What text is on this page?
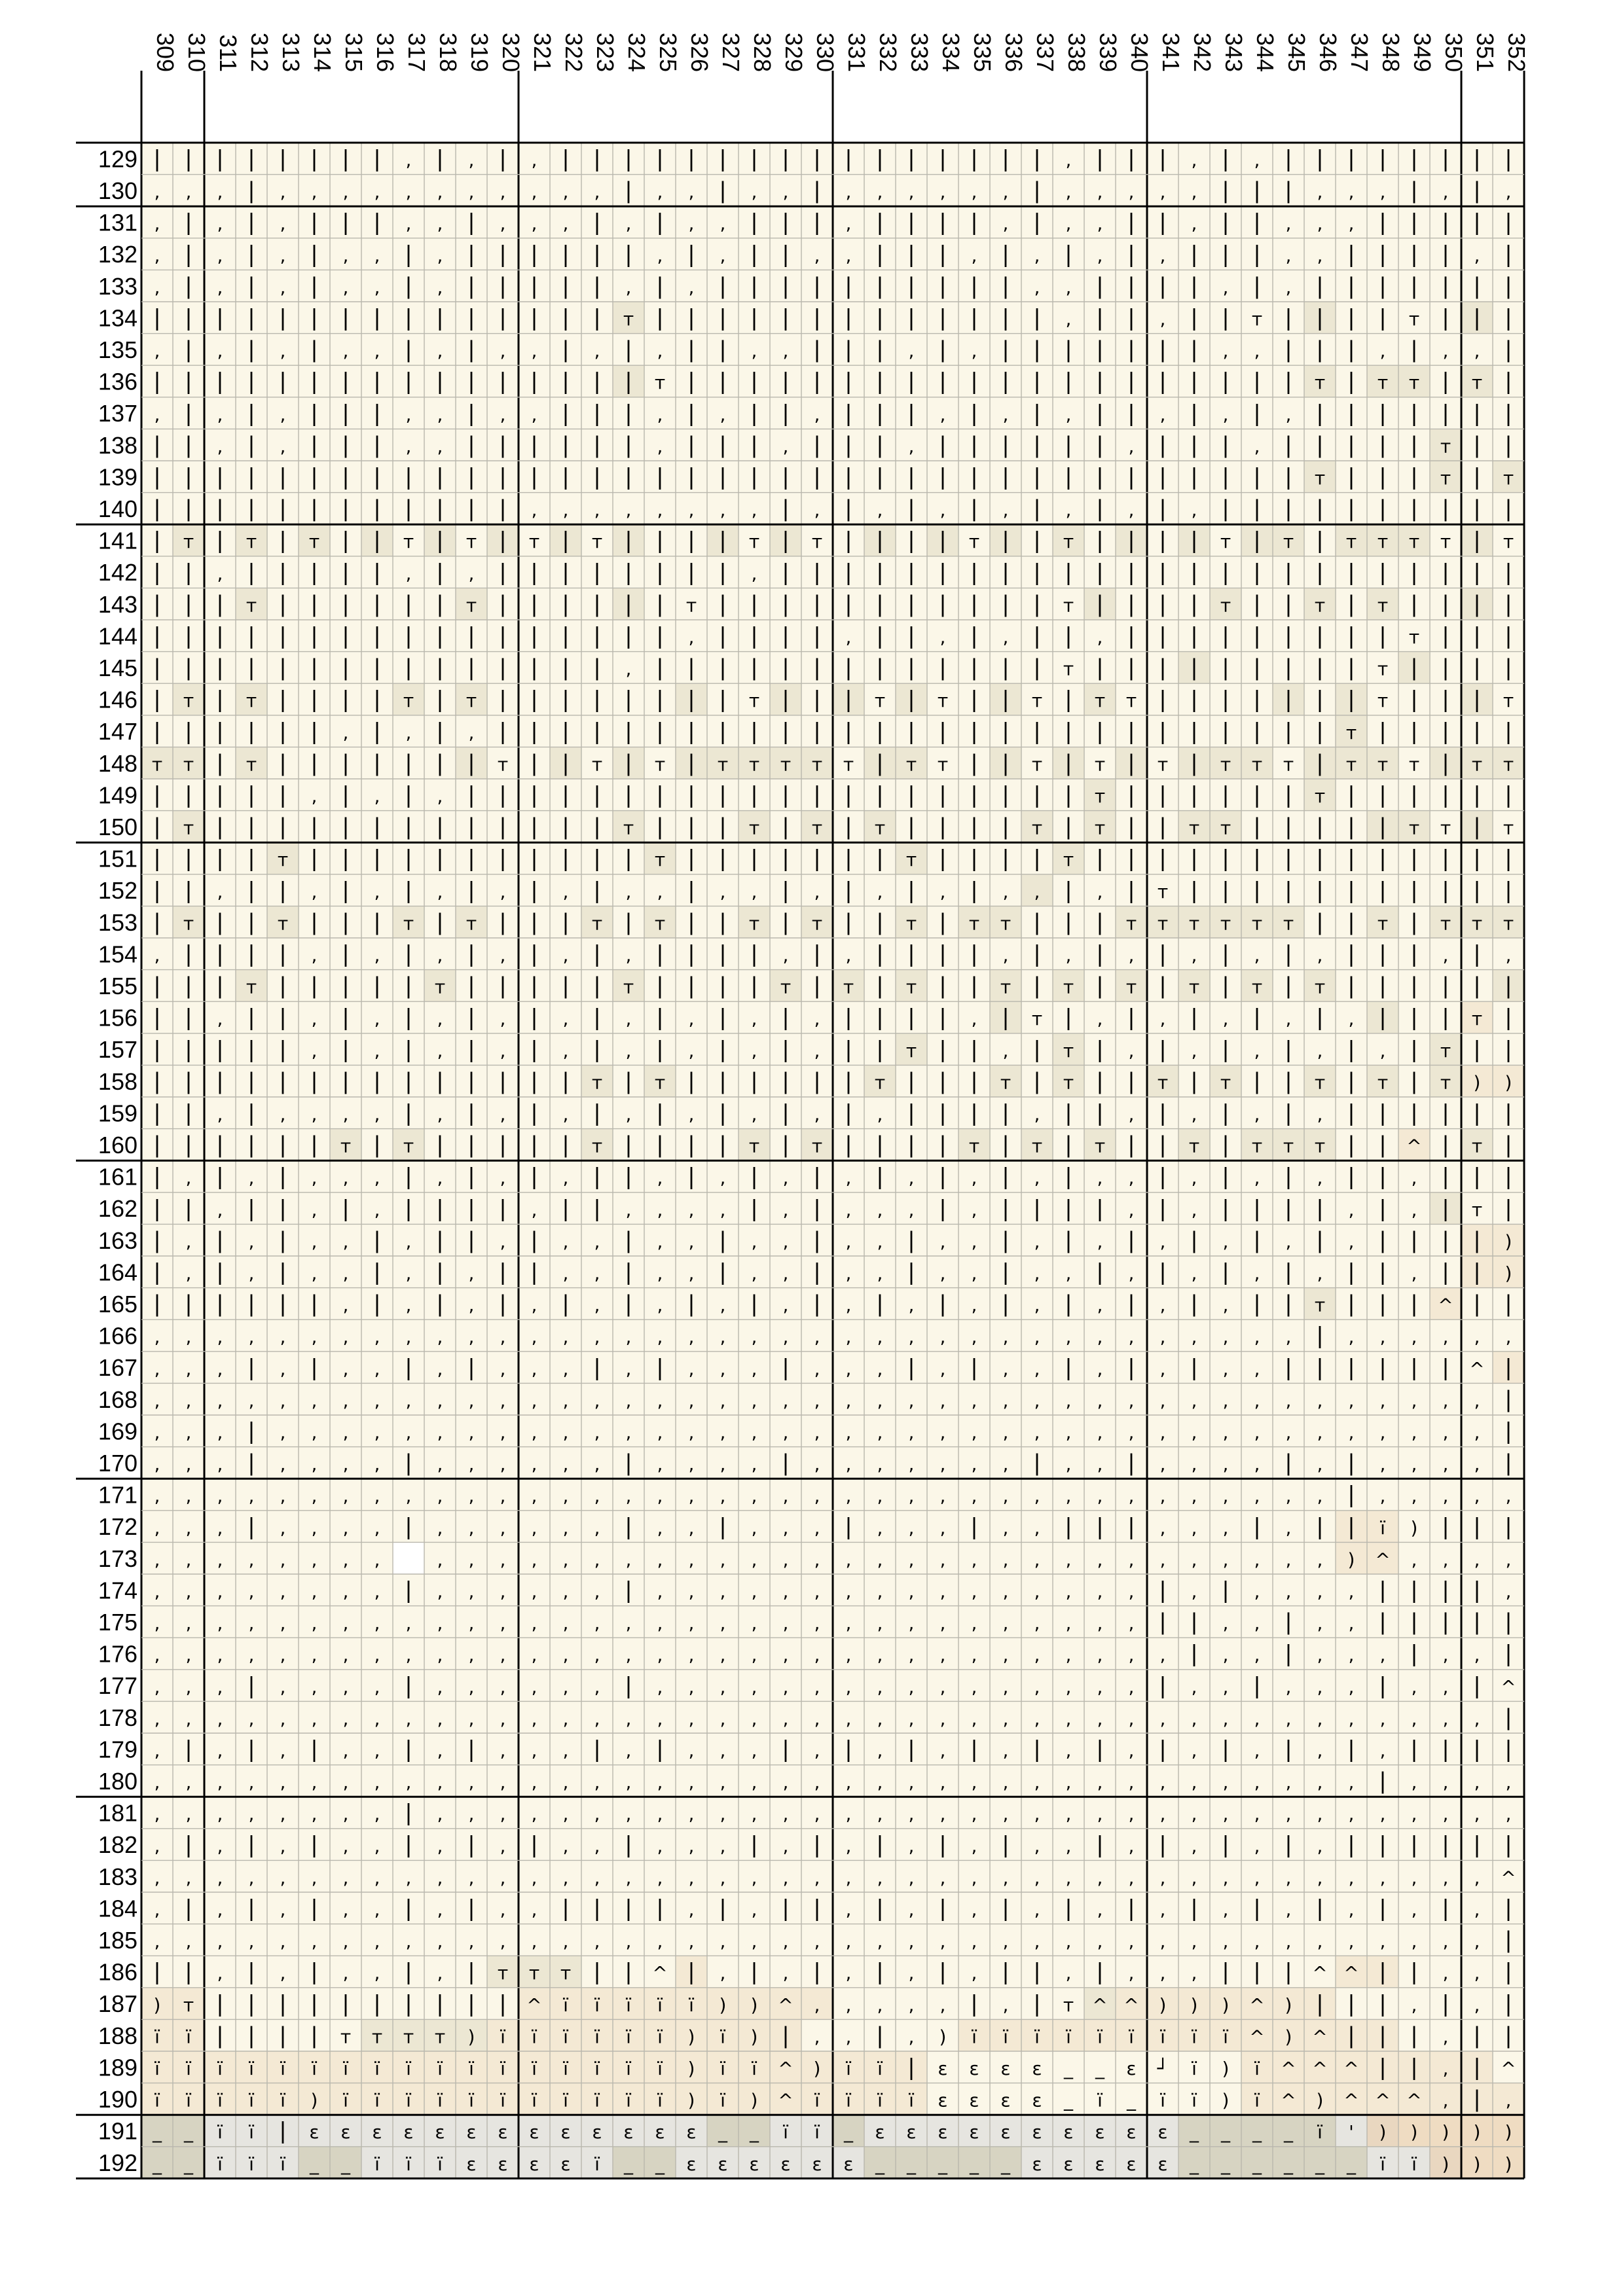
| | | | | | | | , | , | , | | | | | | | | | | | | | | | | , | | | , | , | | | | | | | |
, , , | , , , , , , , , , , , | , , | , , | , , , , , , | , , , , , | | | , , , | , | ,
, | , | , | | | , , | , , , | , | , , | | | , | | | | , | , , | | , | | , , , | | | | |
, | , | , | , , | , | | | | | | , | , | | , , | | | , | , | , | , | | | , , | | | | , |
, | , | , | , , | , | | | | | , | , | | | | | | | | | | , , | | | | , | , | | | | | | |
| | | | | | | | | | | | | | | т | | | | | | | | | | | | | , | | , | | т | | | | т | | |
, | , | , | , , | , | , , | , | , | | , , | | | , | , | | | | | | | , , | | | , | , , |
| | | | | | | | | | | | | | | | т | | | | | | | | | | | | | | | | | | | | т | т т | т |
, | , | , | | | , , | , , | | | , | , | | , | | | , | , | , | | , | , | , | | | | | | |
| | , | , | | | , , | | | | | | , | | | , | | | , | | | | | | , | | | , | | | | | т | |
| | | | | | | | | | | | | | | | | | | | | | | | | | | | | | | | | | | | | т | | | т | т
| | | | | | | | | | | | , , , , , , , , | , | , | , | , | , | , | , | | | | | | | | | |
| т | т | т | | т | т | т | т | | | | т | т | | | | т | | т | | | | т | т | т т т т | т
| | , | | | | | , | , | | | | | | | | , | | | | | | | | | | | | | | | | | | | | | | | |
| | | т | | | | | | т | | | | | | т | | | | | | | | | | | т | | | | т | | т | т | | | |
| | | | | | | | | | | | | | | | | , | | | | , | | , | , | | , | | | | | | | | | т | | |
| | | | | | | | | | | | | | | , | | | | | | | | | | | | | т | | | | | | | | | т | | | |
| т | т | | | | т | т | | | | | | | | т | | | т | т | | т | т т | | | | | | | т | | | т
| | | | | | , | , | , | | | | | | | | | | | | | | | | | | | | | | | | | | | т | | | | |
т т | т | | | | | | | т | | т | т | т т т т т | т т | | т | т | т | т т т | т т т | т т
| | | | | , | , | , | | | | | | | | | | | | | | | | | | | | т | | | | | | т | | | | | |
| т | | | | | | | | | | | | | т | | | т | т | т | | | | т | т | | т т | | | | | т т | т
| | | | т | | | | | | | | | | | т | | | | | | | т | | | | т | | | | | | | | | | | | | |
| | , | | , | , | , | , | , | , , | , , | , | , | , | , , | , | т | | | | | | | | | | |
| т | | т | | | т | т | | | т | т | | т | т | | т | т т | | | т т т т т т | | т | т т т
, | | | | , | , | , | , | , | , | | | | , | , | | | | , | , | , | , | , | , | | | , | ,
| | | т | | | | | т | | | | | т | | | | т | т | т | | т | т | т | т | т | т | | | | | |
| | , | | , | , | , | , | , | , | , | , | , | | | | , | т | , | , | , | , | , | | | т |
| | | | | , | , | , | , | , | , | , | , | , | | т | | , | т | , | , | , | , | , | т | |
| | | | | | | | | | | | | | т | т | | | | | | т | | | т | т | | т | т | | т | т | т ) )
| | , | , , , , | , | , | , | , | , | , | , | , | | | | , | | , | , | , | , | | | | | |
| | | | | | т | т | | | | | т | | | | т | т | | | | т | т | т | | т | т т т | | ^ | т |
| , | , | , , , | , | , | , | | , | , | , | , | , | , | , | , , | , | , | , | | , | | |
| | , | | , | , | | | | , | | , , , , | , | , , , | , | | | | , | , | | | | , | , | т |
| , | , | , , | , | | , | , , | , , | , , | , , | , , | , | , | , | , | , | , | | | | )
| , | , | , , | , | , | | , , | , , | , , | , , | , , | , , | , | , | , | , | | , | | )
| | | | | | , | , | , | , | , | , | , | , | , | , | , | , | , | , | , | | т | | | ^ | |
, , , , , , , , , , , , , , , , , , , , , , , , , , , , , , , , , , , , , | , , , , , ,
, , , | , | , , | , | , , , | , | , , , | , , , | , | , , | , | , | , , | | | | | | ^ |
, , , , , , , , , , , , , , , , , , , , , , , , , , , , , , , , , , , , , , , , , , , |
, , , | , , , , , , , , , , , , , , , , , , , , , , , , , , , , , , , , , , , , , , , |
, , , | , , , , | , , , , , , | , , , , | , , , , , , , | , , | , , , , | , | , , , , |
, , , , , , , , , , , , , , , , , , , , , , , , , , , , , , , , , , , , , , | , , , , ,
, , , | , , , , | , , , , , , | , , | , , , | , , , | , , | | | , , , | , | | ї ) | | |
, , , , , , , ,	, , , , , , , , , , , , , , , , , , , , , , , , , , , , , ) ^ , , , ,
, , , , , , , , | , , , , , , | , , , , , , , , , , , , , , , , | , | , , , , | | | | ,
, , , , , , , , , , , , , , , , , , , , , , , , , , , , , , , , | | , , | , , | | | | |
, , , , , , , , , , , , , , , , , , , , , , , , , , , , , , , , , | , , | , , , | , , |
, , , | , , , , | , , , , , , | , , , , , , , , , , , , , , , , | , , | , , , | , , | ^
, , , , , , , , , , , , , , , , , , , , , , , , , , , , , , , , , , , , , , , , , , , |
, | , | , | , , | , | , , , | , | , , , | , | , | , | , | , | , | , | , | , | , | | | |
, , , , , , , , , , , , , , , , , , , , , , , , , , , , , , , , , , , , , , , | , , , ,
, , , , , , , , | , , , , , , , , , , , , , , , , , , , , , , , , , , , , , , , , , , ,
, | , | , | , , | , | , | , , | , , , | , | , | , | , | , , | , | , | , | , | | | | | |
, , , , , , , , , , , , , , , , , , , , , , , , , , , , , , , , , , , , , , , , , , , ^
, | , | , | , , | , | , , | | | | , | , | | , | , | , | , | , | , | , | , | , | , | , |
, , , , , , , , , , , , , , , , , , , , , , , , , , , , , , , , , , , , , , , , , , , |
| | , | , | , , | , | т т т | | ^ | , | , | , | , | , | | , | , , , | | | ^ ^ | | , , |
) т | | | | | | | | | | ^ ї ї ї ї ї ) ) ^ , , , , , | , | т ^ ^ ) ) ) ^ ) | | | , | , |
ї ї | | | | т т т т ) ї ї ї ї ї ї ) ї ) | , , | , ) ї ї ї ї ї ї ї ї ї ^ ) ^ | | | , | |
ї ї ї ї ї ї ї ї ї ї ї ї ї ї ї ї ї ) ї ї ^ ) ї ї | ɛ ɛ ɛ ɛ _ _ ɛ ┘ ї ) ї ^ ^ ^ | | , | ^
ї ї ї ї ї ) ї ї ї ї ї ї ї ї ї ї ї ) ї ) ^ ї ї ї ї ɛ ɛ ɛ ɛ _ ї _ ї ї ) ї ^ ) ^ ^ ^ , | ,
_ _ ї ї | ɛ ɛ ɛ ɛ ɛ ɛ ɛ ɛ ɛ ɛ ɛ ɛ ɛ _ _ ї ї _ ɛ ɛ ɛ ɛ ɛ ɛ ɛ ɛ ɛ ɛ _ _ _ _ ї ' ) ) ) ) )
_ _ ї ї ї _ _ ї ї ї ɛ ɛ ɛ ɛ ї _ _ ɛ ɛ ɛ ɛ ɛ ɛ _ _ _ _ _ ɛ ɛ ɛ ɛ ɛ _ _ _ _ _ _ ї ї ) ) )
309 310 311 312 313 314 315 316 317 318 319 320 321 322 323 324 325 326 327 328 329 330 331 332 333 334 335 336 337 338 339 340 341 342 343 344 345 346 347 348 349 350 351 352
129
130
131
132
133
134
135
136
137
138
139
140
141
142
143
144
145
146
147
148
149
150
151
152
153
154
155
156
157
158
159
160
161
162
163
164
165
166
167
168
169
170
171
172
173
174
175
176
177
178
179
180
181
182
183
184
185
186
187
188
189
190
191
192
